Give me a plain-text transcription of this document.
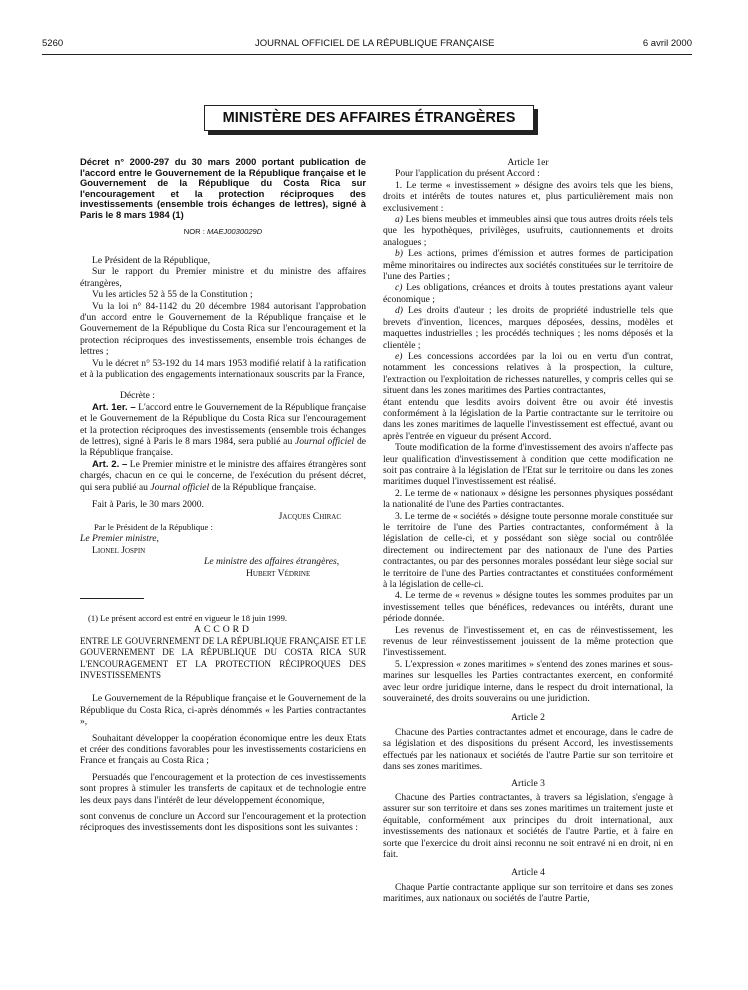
5260	JOURNAL OFFICIEL DE LA RÉPUBLIQUE FRANÇAISE	6 avril 2000
MINISTÈRE DES AFFAIRES ÉTRANGÈRES

Décret n° 2000-297 du 30 mars 2000 portant publication de l'accord entre le Gouvernement de la République française et le Gouvernement de la République du Costa Rica sur l'encouragement et la protection réciproques des investissements (ensemble trois échanges de lettres), signé à Paris le 8 mars 1984 (1)

NOR : MAEJ0030029D

Le Président de la République,

Sur le rapport du Premier ministre et du ministre des affaires étrangères,

Vu les articles 52 à 55 de la Constitution ;

Vu la loi n° 84-1142 du 20 décembre 1984 autorisant l'approbation d'un accord entre le Gouvernement de la République française et le Gouvernement de la République du Costa Rica sur l'encouragement et la protection réciproques des investissements, ensemble trois échanges de lettres ;

Vu le décret n° 53-192 du 14 mars 1953 modifié relatif à la ratification et à la publication des engagements internationaux souscrits par la France,

Décrète :

Art. 1er. – L'accord entre le Gouvernement de la République française et le Gouvernement de la République du Costa Rica sur l'encouragement et la protection réciproques des investissements (ensemble trois échanges de lettres), signé à Paris le 8 mars 1984, sera publié au Journal officiel de la République française.

Art. 2. – Le Premier ministre et le ministre des affaires étrangères sont chargés, chacun en ce qui le concerne, de l'exécution du présent décret, qui sera publié au Journal officiel de la République française.

Fait à Paris, le 30 mars 2000.

Jacques Chirac

Par le Président de la République :

Le Premier ministre,

Lionel Jospin

Le ministre des affaires étrangères,

Hubert Védrine

(1) Le présent accord est entré en vigueur le 18 juin 1999.

ACCORD

ENTRE LE GOUVERNEMENT DE LA RÉPUBLIQUE FRANÇAISE ET LE GOUVERNEMENT DE LA RÉPUBLIQUE DU COSTA RICA SUR L'ENCOURAGEMENT ET LA PROTECTION RÉCIPROQUES DES INVESTISSEMENTS

Le Gouvernement de la République française et le Gouvernement de la République du Costa Rica, ci-après dénommés « les Parties contractantes »,

Souhaitant développer la coopération économique entre les deux Etats et créer des conditions favorables pour les investissements costariciens en France et français au Costa Rica ;

Persuadés que l'encouragement et la protection de ces investissements sont propres à stimuler les transferts de capitaux et de technologie entre les deux pays dans l'intérêt de leur développement économique,

sont convenus de conclure un Accord sur l'encouragement et la protection réciproques des investissements dont les dispositions sont les suivantes :

Article 1er

Pour l'application du présent Accord :

1. Le terme « investissement » désigne des avoirs tels que les biens, droits et intérêts de toutes natures et, plus particulièrement mais non exclusivement :

a) Les biens meubles et immeubles ainsi que tous autres droits réels tels que les hypothèques, privilèges, usufruits, cautionnements et droits analogues ;

b) Les actions, primes d'émission et autres formes de participation même minoritaires ou indirectes aux sociétés constituées sur le territoire de l'une des Parties ;

c) Les obligations, créances et droits à toutes prestations ayant valeur économique ;

d) Les droits d'auteur ; les droits de propriété industrielle tels que brevets d'invention, licences, marques déposées, dessins, modèles et maquettes industrielles ; les procédés techniques ; les noms déposés et la clientèle ;

e) Les concessions accordées par la loi ou en vertu d'un contrat, notamment les concessions relatives à la prospection, la culture, l'extraction ou l'exploitation de richesses naturelles, y compris celles qui se situent dans les zones maritimes des Parties contractantes,

étant entendu que lesdits avoirs doivent être ou avoir été investis conformément à la législation de la Partie contractante sur le territoire ou dans les zones maritimes de laquelle l'investissement est effectué, avant ou après l'entrée en vigueur du présent Accord.

Toute modification de la forme d'investissement des avoirs n'affecte pas leur qualification d'investissement à condition que cette modification ne soit pas contraire à la législation de l'Etat sur le territoire ou dans les zones maritimes duquel l'investissement est réalisé.

2. Le terme de « nationaux » désigne les personnes physiques possédant la nationalité de l'une des Parties contractantes.

3. Le terme de « sociétés » désigne toute personne morale constituée sur le territoire de l'une des Parties contractantes, conformément à la législation de celle-ci, et y possédant son siège social ou contrôlée directement ou indirectement par des nationaux de l'une des Parties contractantes, ou par des personnes morales possédant leur siège social sur le territoire de l'une des Parties contractantes et constituées conformément à la législation de celle-ci.

4. Le terme de « revenus » désigne toutes les sommes produites par un investissement telles que bénéfices, redevances ou intérêts, durant une période donnée.

Les revenus de l'investissement et, en cas de réinvestissement, les revenus de leur réinvestissement jouissent de la même protection que l'investissement.

5. L'expression « zones maritimes » s'entend des zones marines et sous-marines sur lesquelles les Parties contractantes exercent, en conformité avec leur ordre juridique interne, dans le respect du droit international, la souveraineté, des droits souverains ou une juridiction.

Article 2

Chacune des Parties contractantes admet et encourage, dans le cadre de sa législation et des dispositions du présent Accord, les investissements effectués par les nationaux et sociétés de l'autre Partie sur son territoire et dans ses zones maritimes.

Article 3

Chacune des Parties contractantes, à travers sa législation, s'engage à assurer sur son territoire et dans ses zones maritimes un traitement juste et équitable, conformément aux principes du droit international, aux investissements des nationaux et sociétés de l'autre Partie, et à faire en sorte que l'exercice du droit ainsi reconnu ne soit entravé ni en droit, ni en fait.

Article 4

Chaque Partie contractante applique sur son territoire et dans ses zones maritimes, aux nationaux ou sociétés de l'autre Partie,
